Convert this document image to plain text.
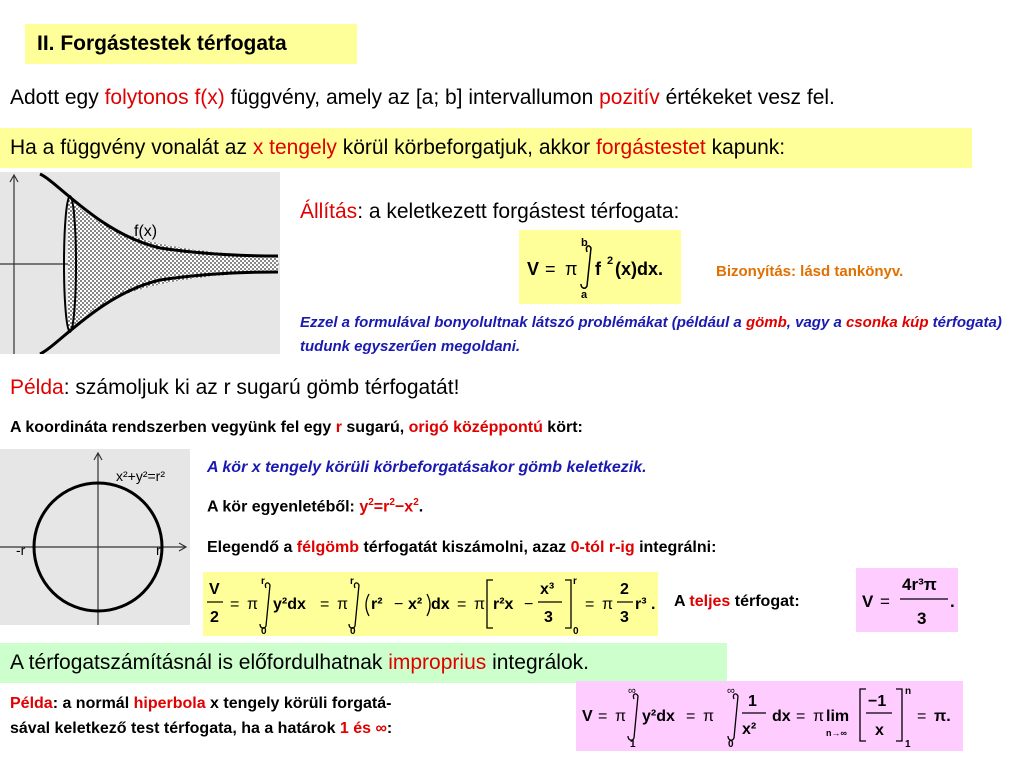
II. Forgástestek térfogata
Adott egy folytonos f(x) függvény, amely az [a; b] intervallumon pozitív értékeket vesz fel.
Ha a függvény vonalát az x tengely körül körbeforgatjuk, akkor forgástestet kapunk:
f(x)
Állítás: a keletkezett forgástest térfogata:
V = π
b
a
f 2 (x)dx.	Bizonyítás: lásd tankönyv.
Ezzel a formulával bonyolultnak látszó problémákat (például a gömb, vagy a csonka kúp térfogata) tudunk egyszerűen megoldani.
Példa: számoljuk ki az r sugarú gömb térfogatát!
A koordináta rendszerben vegyünk fel egy r sugarú, origó középpontú kört:
x²+y²=r²
-r	r
A kör x tengely körüli körbeforgatásakor gömb keletkezik.
A kör egyenletéből: $y^2=r^2-x^2$.
Elegendő a félgömb térfogatát kiszámolni, azaz 0-tól r-ig integrálni:
V
2
= π
r
0
y²dx = π
r
0
r² − x² dx = π r²x −
x³
3
r
0
= π
2
3
r³ . A teljes térfogat:	V =
4r³π
3
.
A térfogatszámításnál is előfordulhatnak improprius integrálok.
Példa: a normál hiperbola x tengely körüli forgatá-
sával keletkező test térfogata, ha a határok 1 és ∞:
V = π
∞
1
y²dx = π
∞
0
1
x²
dx = π lim
n→∞
−1
x
n
1
= π.
